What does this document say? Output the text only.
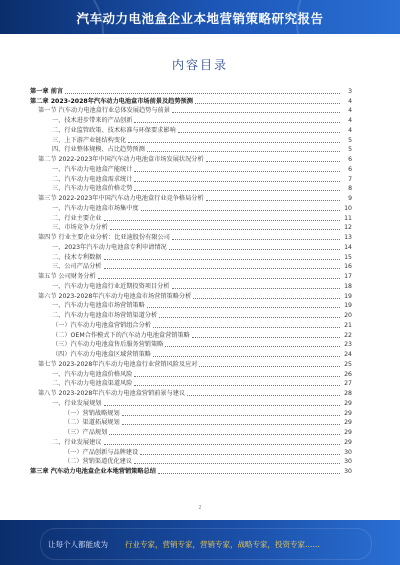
汽车动力电池盒企业本地营销策略研究报告
内容目录
第一章 前言	3
第二章 2023-2028年汽车动力电池盒市场前景及趋势预测	4
第一节 汽车动力电池盒行业总体发展趋势与前景	4
一、技术进步带来的产品创新	4
二、行业监管政策、技术标准与环保要求影响	4
三、上下游产业链结构变化	5
四、行业整体规模、占比趋势预测	5
第二节 2022-2023年中国汽车动力电池盒市场发展状况分析	6
一、汽车动力电池盒产能统计	6
二、汽车动力电池盒需求统计	7
三、汽车动力电池盒价格走势	8
第三节 2022-2023年中国汽车动力电池盒行业竞争格局分析	9
一、汽车动力电池盒市场集中度	10
二、行业主要企业	11
三、市场竞争力分析	12
第四节 行业主要企业分析：比亚迪股份有限公司	13
一、2023年汽车动力电池盒专利申请情况	14
二、技术专利数据	15
三、公司产品分析	16
第五节 公司财务分析	17
一、汽车动力电池盒行业近期投资项目分析	18
第六节 2023-2028年汽车动力电池盒市场营销策略分析	19
一、汽车动力电池盒市场营销策略	19
二、汽车动力电池盒市场营销渠道分析	20
（一）汽车动力电池盒营销组合分析	21
（二）OEM合作模式下的汽车动力电池盒营销策略	22
（三）汽车动力电池盒售后服务营销策略	23
（四）汽车动力电池盒区域营销策略	24
第七节 2023-2028年汽车动力电池盒行业营销风险及应对	25
一、汽车动力电池盒价格风险	26
二、汽车动力电池盒渠道风险	27
第八节 2023-2028年汽车动力电池盒营销前景与建议	28
一、行业发展规划	29
（一）营销战略规划	29
（二）渠道拓展规划	29
（三）产品规划	29
二、行业发展建议	29
（一）产品创新与品牌建设	30
（二）营销渠道优化建议	30
第三章 汽车动力电池盒企业本地营销策略总结	30
2
让每个人都能成为 行业专家，营销专家，营销专家，战略专家，投资专家……
